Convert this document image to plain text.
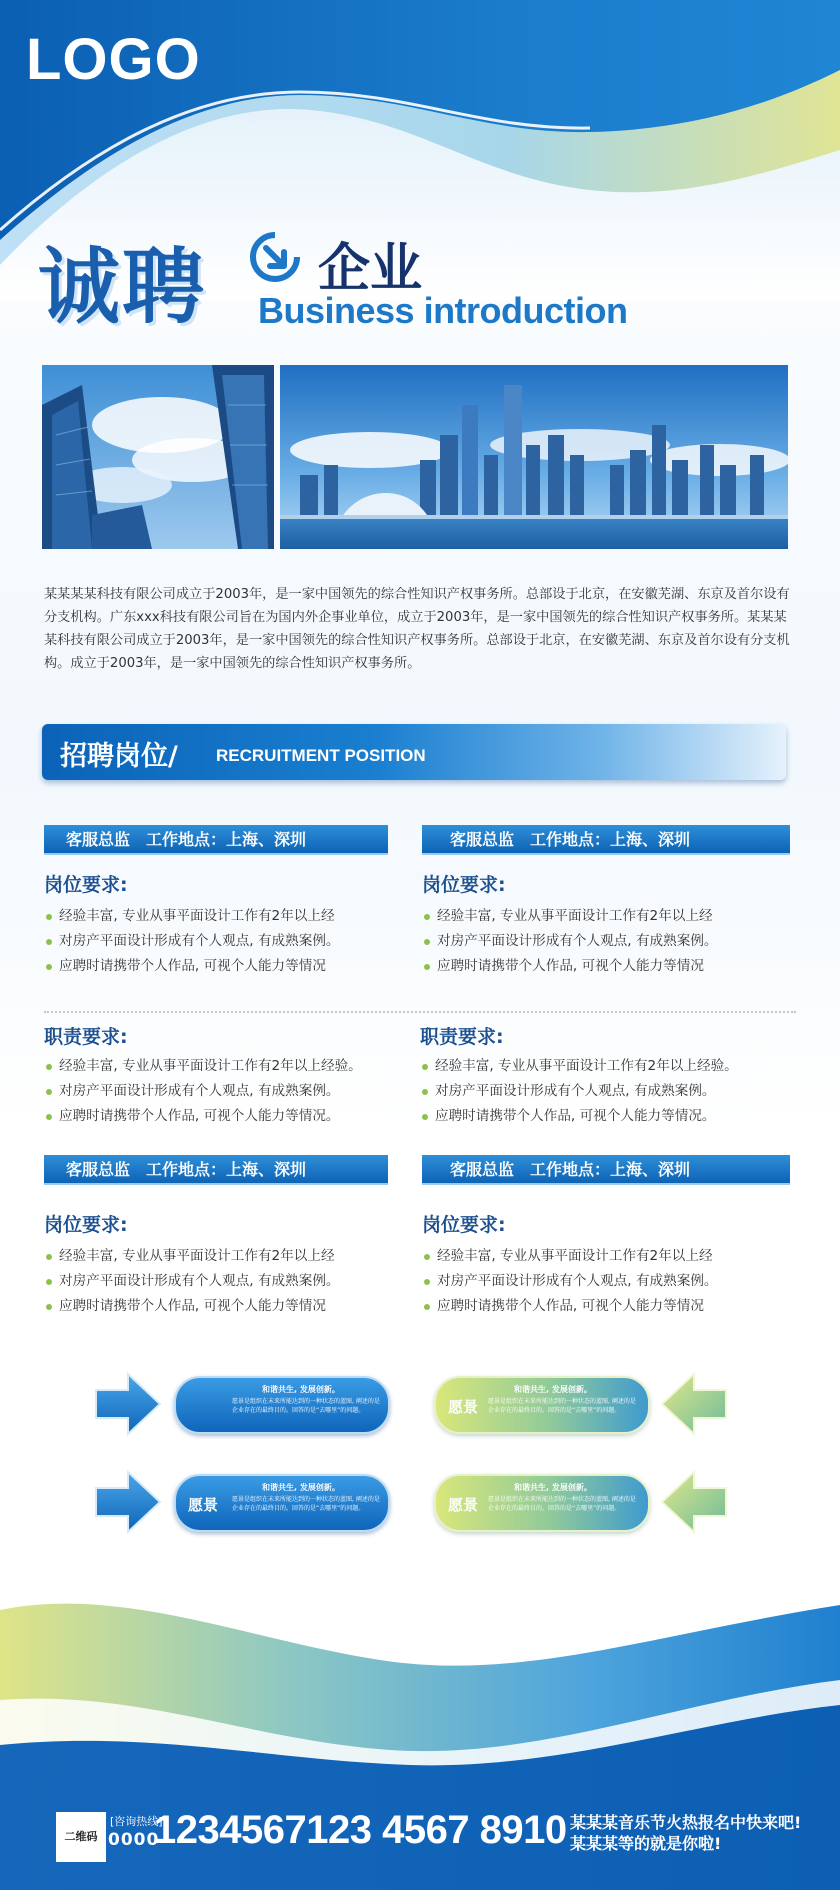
LOGO
诚聘 企业
Business introduction
某某某某科技有限公司成立于2003年，是一家中国领先的综合性知识产权事务所。总部设于北京，在安徽芜湖、东京及首尔设有分支机构。广东xxx科技有限公司旨在为国内外企事业单位，成立于2003年，是一家中国领先的综合性知识产权事务所。某某某某科技有限公司成立于2003年，是一家中国领先的综合性知识产权事务所。总部设于北京，在安徽芜湖、东京及首尔设有分支机构。成立于2003年，是一家中国领先的综合性知识产权事务所。
招聘岗位/ RECRUITMENT POSITION
客服总监　工作地点：上海、深圳
岗位要求:
经验丰富, 专业从事平面设计工作有2年以上经
对房产平面设计形成有个人观点, 有成熟案例。
应聘时请携带个人作品, 可视个人能力等情况
客服总监　工作地点：上海、深圳
岗位要求:
经验丰富, 专业从事平面设计工作有2年以上经
对房产平面设计形成有个人观点, 有成熟案例。
应聘时请携带个人作品, 可视个人能力等情况
职责要求:
经验丰富, 专业从事平面设计工作有2年以上经验。
对房产平面设计形成有个人观点, 有成熟案例。
应聘时请携带个人作品, 可视个人能力等情况。
职责要求:
经验丰富, 专业从事平面设计工作有2年以上经验。
对房产平面设计形成有个人观点, 有成熟案例。
应聘时请携带个人作品, 可视个人能力等情况。
客服总监　工作地点：上海、深圳
岗位要求:
经验丰富, 专业从事平面设计工作有2年以上经
对房产平面设计形成有个人观点, 有成熟案例。
应聘时请携带个人作品, 可视个人能力等情况
客服总监　工作地点：上海、深圳
岗位要求:
经验丰富, 专业从事平面设计工作有2年以上经
对房产平面设计形成有个人观点, 有成熟案例。
应聘时请携带个人作品, 可视个人能力等情况
和谐共生, 发展创新。
愿景是组织在未来所能达到的一种状态的蓝图, 阐述的是企业存在的最终目的。回答的是“去哪里”的问题。
愿景
和谐共生, 发展创新。
愿景是组织在未来所能达到的一种状态的蓝图, 阐述的是企业存在的最终目的。回答的是“去哪里”的问题。
愿景
和谐共生, 发展创新。
愿景是组织在未来所能达到的一种状态的蓝图, 阐述的是企业存在的最终目的。回答的是“去哪里”的问题。
愿景
和谐共生, 发展创新。
愿景是组织在未来所能达到的一种状态的蓝图, 阐述的是企业存在的最终目的。回答的是“去哪里”的问题。
二维码
[咨询热线]
0000
1234567123 4567 8910 某某某音乐节火热报名中快来吧!
某某某等的就是你啦!
